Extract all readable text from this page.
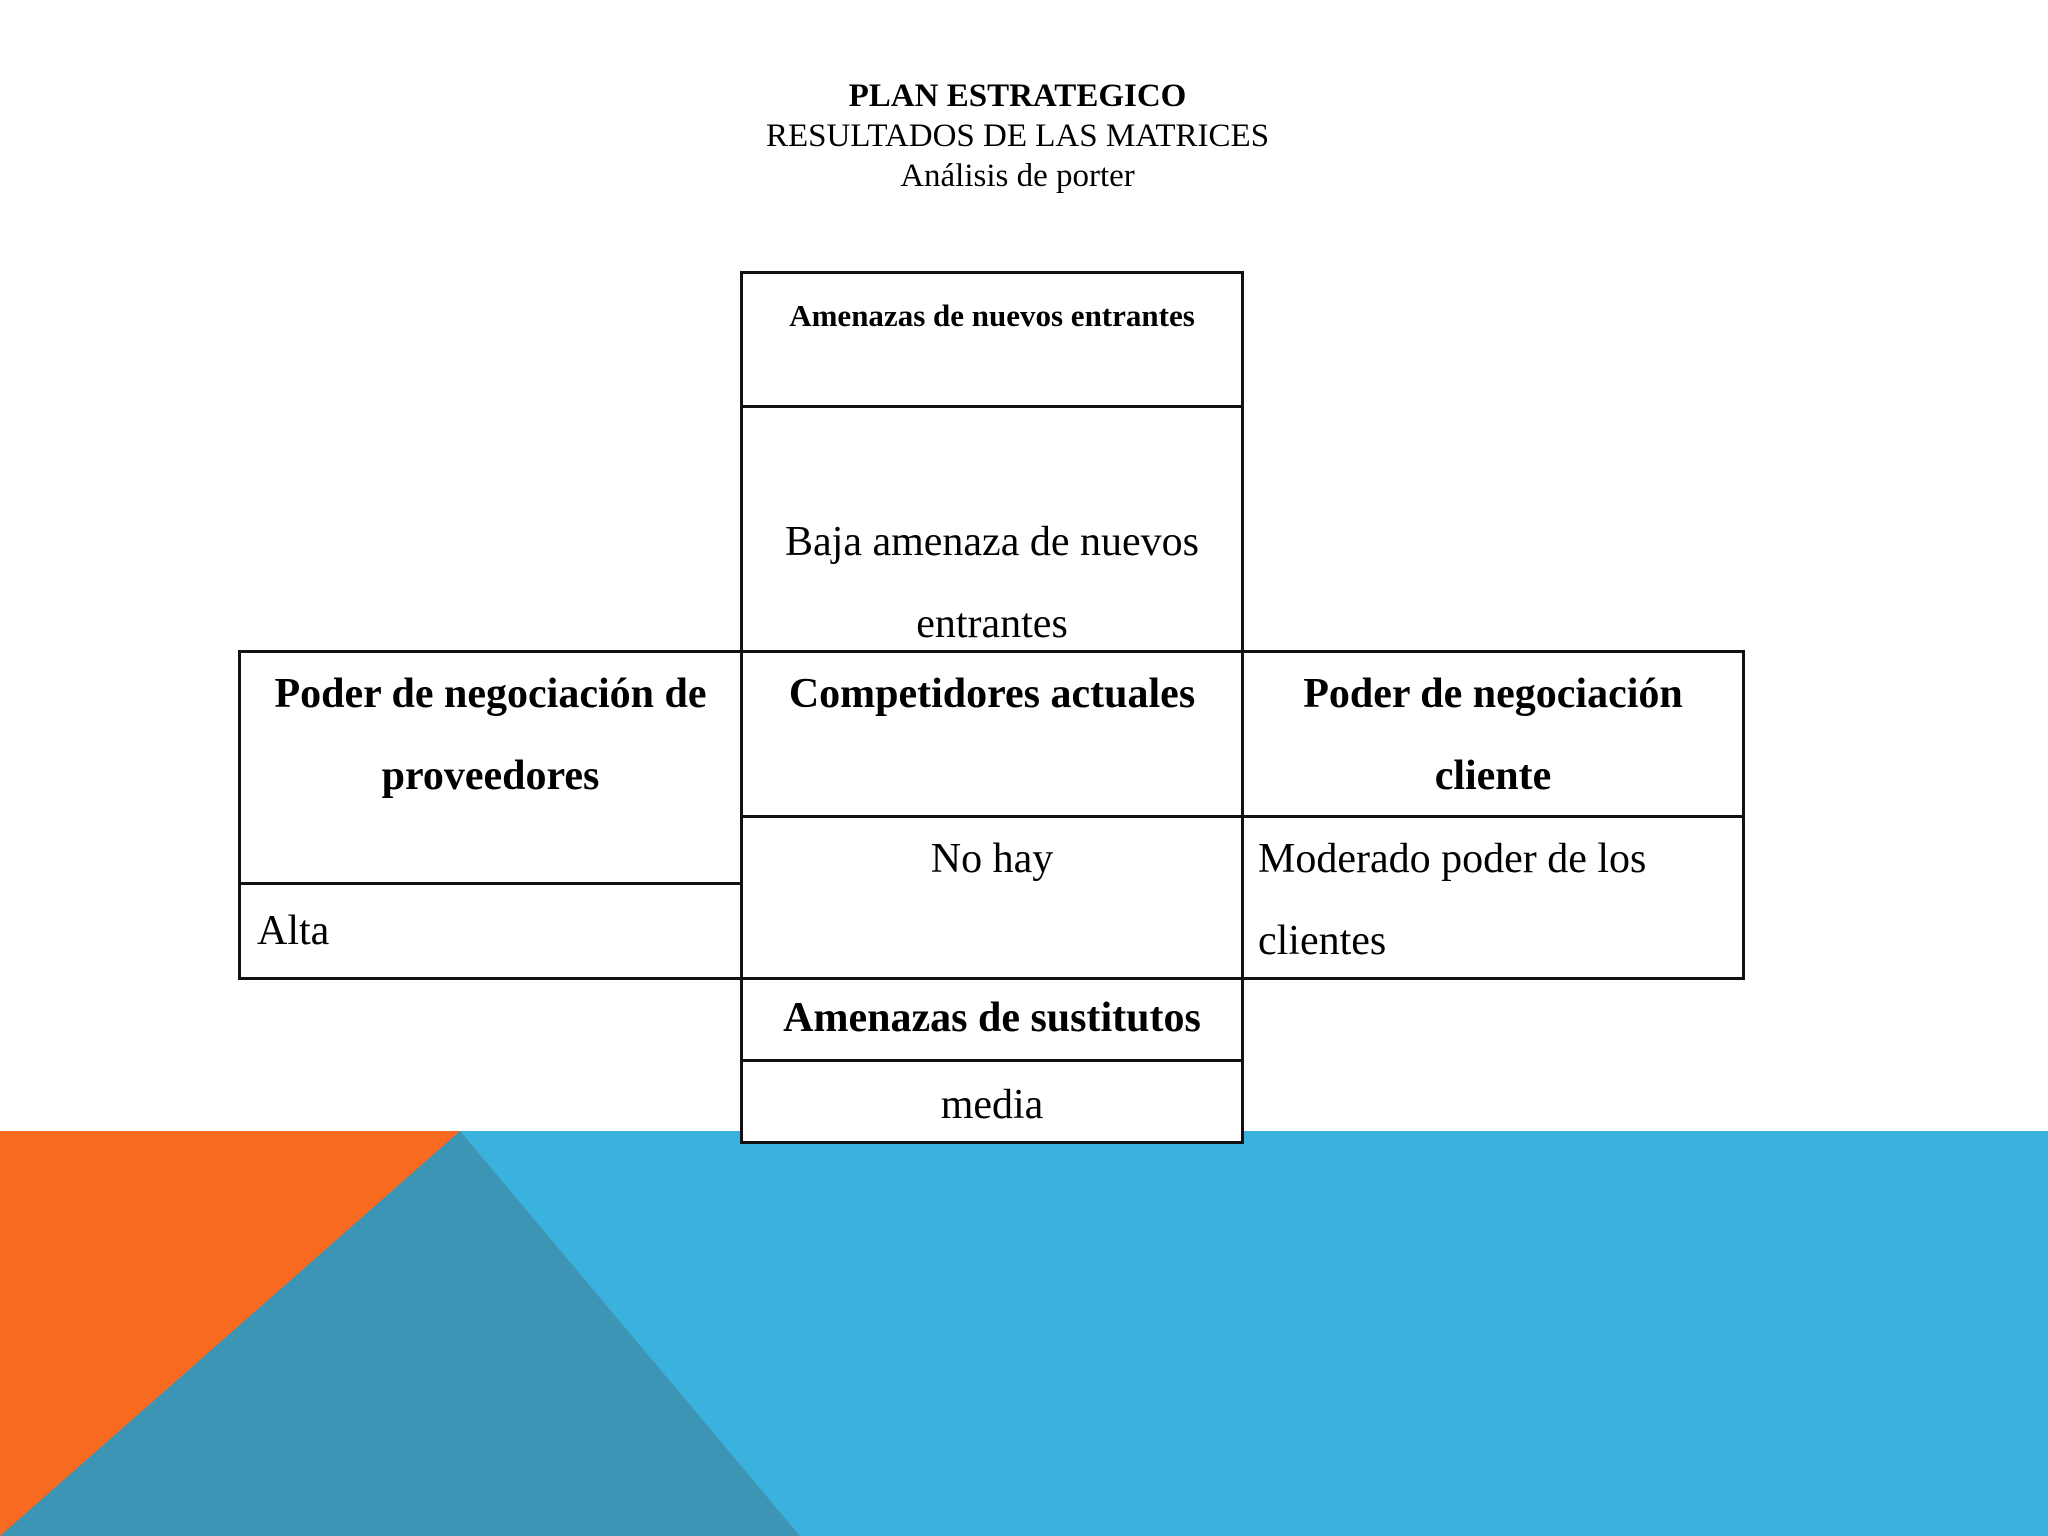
PLAN ESTRATEGICO
RESULTADOS DE LAS MATRICES
Análisis de porter
Amenazas de nuevos entrantes
Baja amenaza de nuevos entrantes
Poder de negociación de proveedores
Alta
Competidores actuales
No hay
Poder de negociación cliente
Moderado poder de los clientes
Amenazas de sustitutos
media
